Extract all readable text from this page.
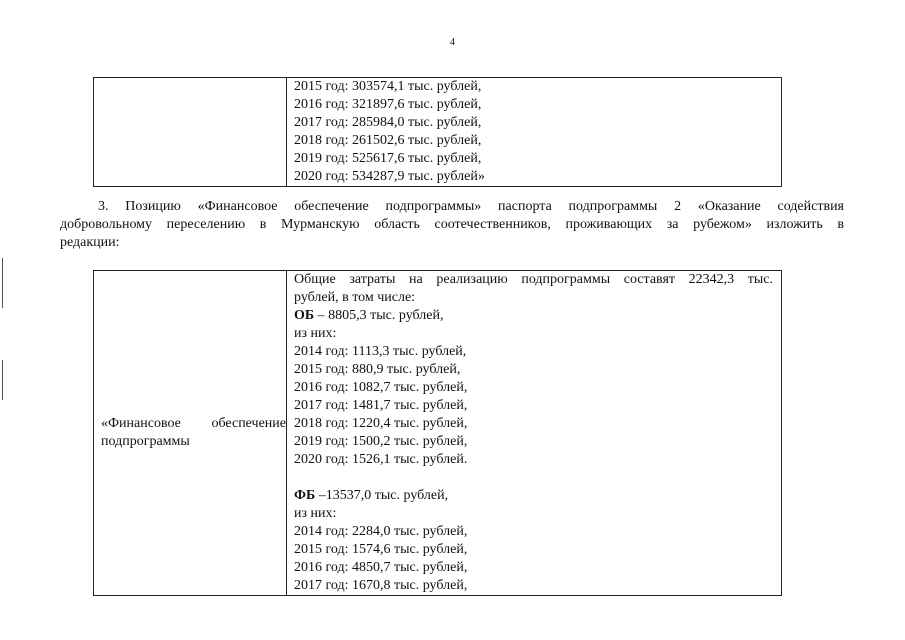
4

2015 год: 303574,1 тыс. рублей,
2016 год: 321897,6 тыс. рублей,
2017 год: 285984,0 тыс. рублей,
2018 год: 261502,6 тыс. рублей,
2019 год: 525617,6 тыс. рублей,
2020 год: 534287,9 тыс. рублей»
3. Позицию «Финансовое обеспечение подпрограммы» паспорта подпрограммы 2 «Оказание содействия
добровольному переселению в Мурманскую область соотечественников, проживающих за рубежом» изложить в
редакции:
«Финансовое обеспечение
подпрограммы

Общие затраты на реализацию подпрограммы составят 22342,3 тыс.
рублей, в том числе:
ОБ – 8805,3 тыс. рублей,
из них:
2014 год: 1113,3 тыс. рублей,
2015 год: 880,9 тыс. рублей,
2016 год: 1082,7 тыс. рублей,
2017 год: 1481,7 тыс. рублей,
2018 год: 1220,4 тыс. рублей,
2019 год: 1500,2 тыс. рублей,
2020 год: 1526,1 тыс. рублей.
ФБ –13537,0 тыс. рублей,
из них:
2014 год: 2284,0 тыс. рублей,
2015 год: 1574,6 тыс. рублей,
2016 год: 4850,7 тыс. рублей,
2017 год: 1670,8 тыс. рублей,
